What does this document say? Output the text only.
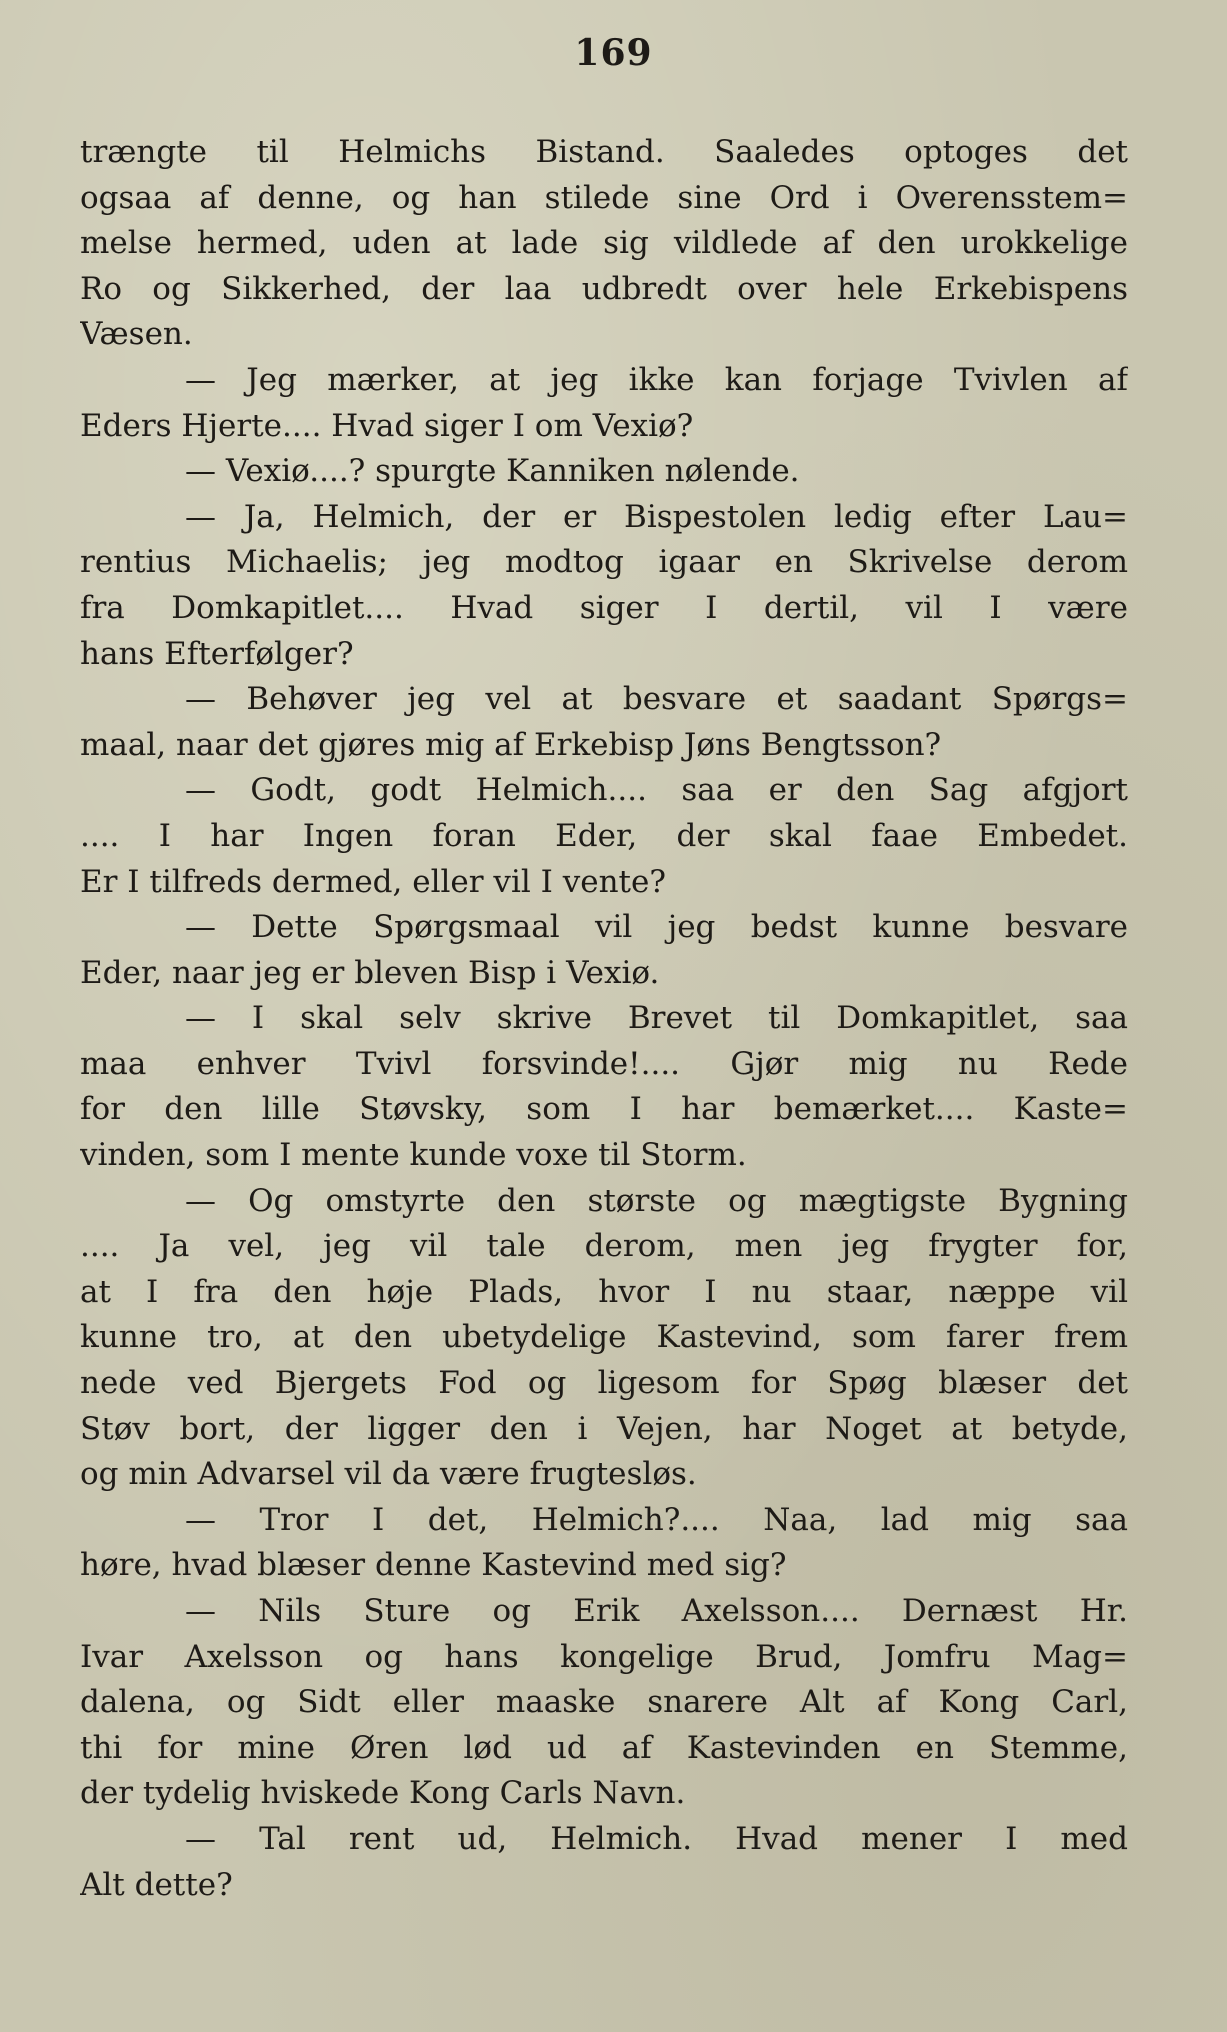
169
trængte til Helmichs Bistand. Saaledes optoges det
ogsaa af denne, og han stilede sine Ord i Overensstem=
melse hermed, uden at lade sig vildlede af den urokkelige
Ro og Sikkerhed, der laa udbredt over hele Erkebispens
Væsen.
— Jeg mærker, at jeg ikke kan forjage Tvivlen af
Eders Hjerte.... Hvad siger I om Vexiø?
— Vexiø....? spurgte Kanniken nølende.
— Ja, Helmich, der er Bispestolen ledig efter Lau=
rentius Michaelis; jeg modtog igaar en Skrivelse derom
fra Domkapitlet.... Hvad siger I dertil, vil I være
hans Efterfølger?
— Behøver jeg vel at besvare et saadant Spørgs=
maal, naar det gjøres mig af Erkebisp Jøns Bengtsson?
— Godt, godt Helmich.... saa er den Sag afgjort
.... I har Ingen foran Eder, der skal faae Embedet.
Er I tilfreds dermed, eller vil I vente?
— Dette Spørgsmaal vil jeg bedst kunne besvare
Eder, naar jeg er bleven Bisp i Vexiø.
— I skal selv skrive Brevet til Domkapitlet, saa
maa enhver Tvivl forsvinde!.... Gjør mig nu Rede
for den lille Støvsky, som I har bemærket.... Kaste=
vinden, som I mente kunde voxe til Storm.
— Og omstyrte den største og mægtigste Bygning
.... Ja vel, jeg vil tale derom, men jeg frygter for,
at I fra den høje Plads, hvor I nu staar, næppe vil
kunne tro, at den ubetydelige Kastevind, som farer frem
nede ved Bjergets Fod og ligesom for Spøg blæser det
Støv bort, der ligger den i Vejen, har Noget at betyde,
og min Advarsel vil da være frugtesløs.
— Tror I det, Helmich?.... Naa, lad mig saa
høre, hvad blæser denne Kastevind med sig?
— Nils Sture og Erik Axelsson.... Dernæst Hr.
Ivar Axelsson og hans kongelige Brud, Jomfru Mag=
dalena, og Sidt eller maaske snarere Alt af Kong Carl,
thi for mine Øren lød ud af Kastevinden en Stemme,
der tydelig hviskede Kong Carls Navn.
— Tal rent ud, Helmich. Hvad mener I med
Alt dette?
